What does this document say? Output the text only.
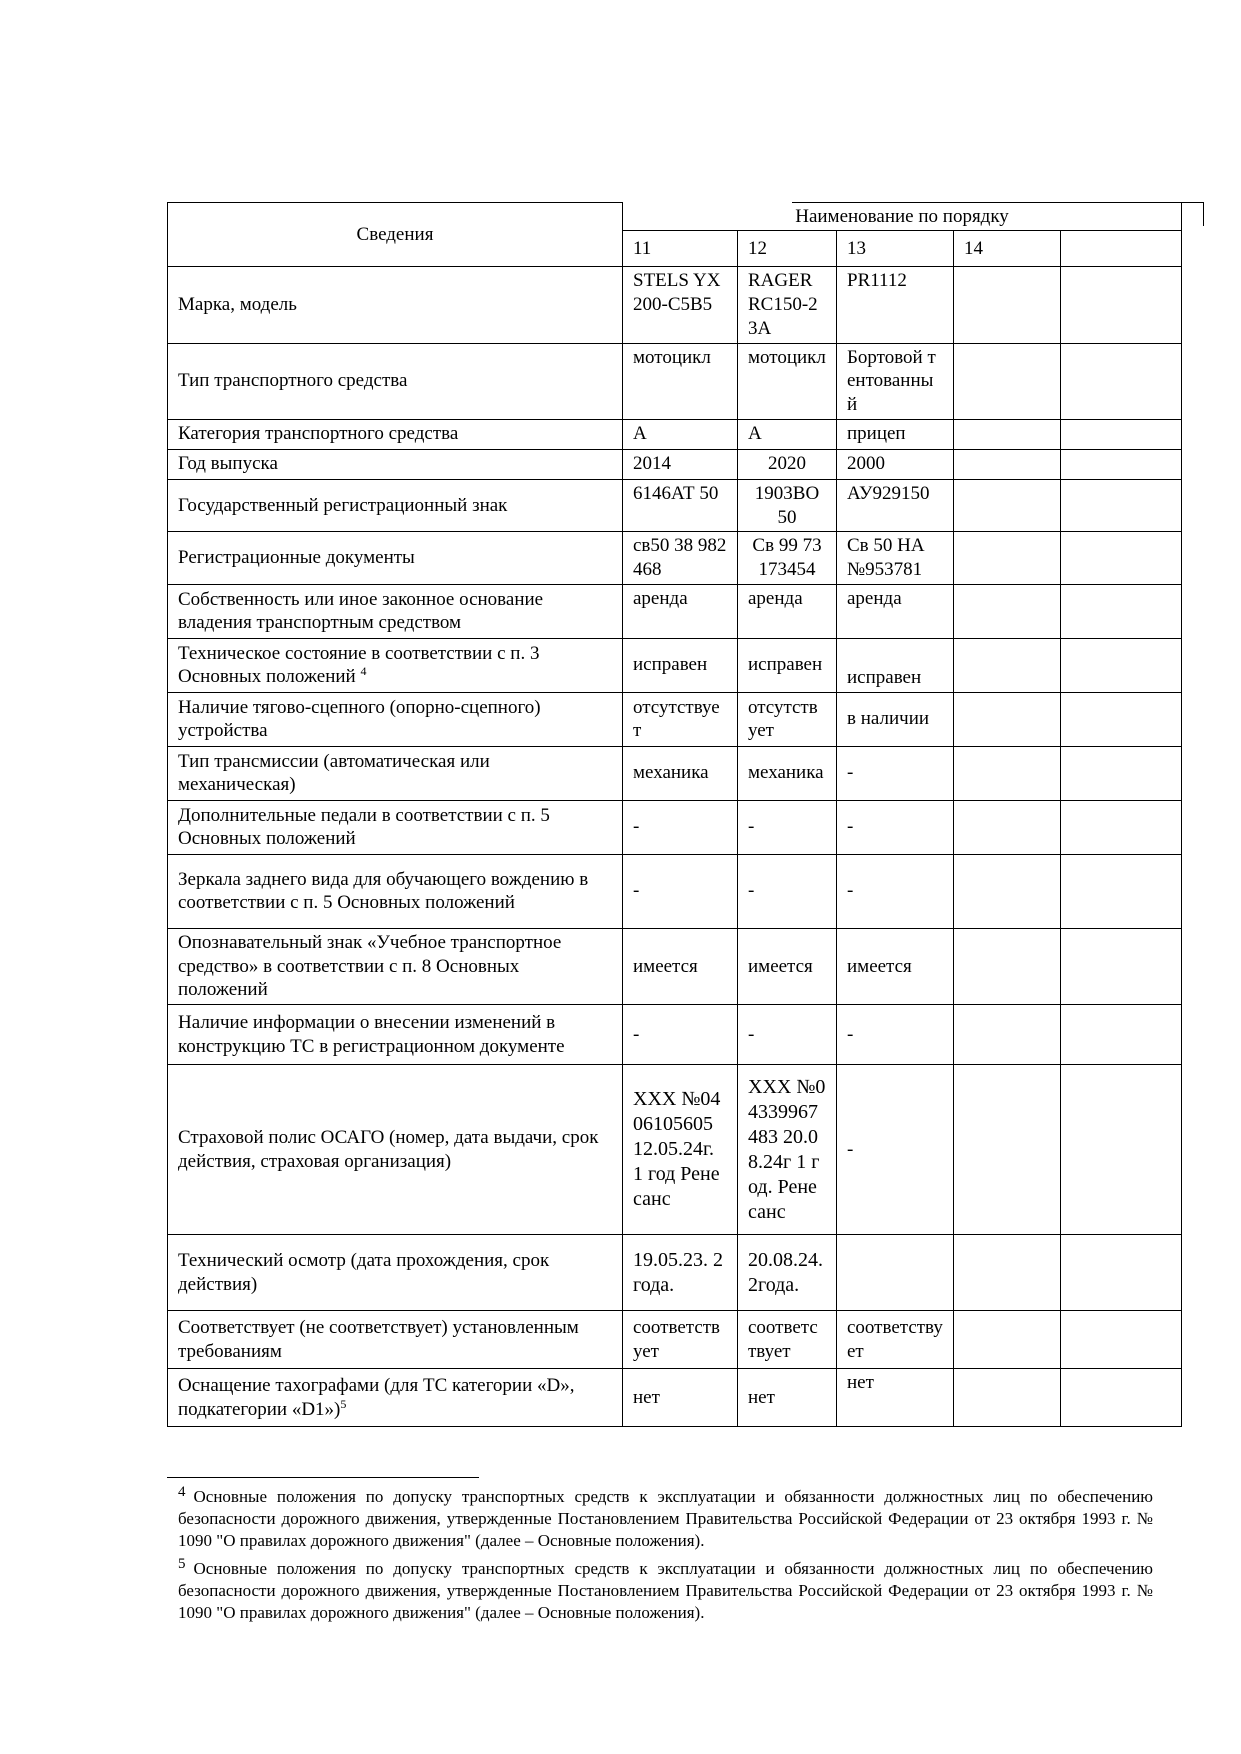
Сведения	Наименование по порядку				
	11	12	13	14	
Марка, модель	STELS YX200-C5B5	RAGER RC150-23A	PR1112		
Тип транспортного средства	мотоцикл	мотоцикл	Бортовой тентованный		
Категория транспортного средства	А	А	прицеп		
Год выпуска	2014	2020	2000		
Государственный регистрационный знак	6146АТ 50	1903ВО 50	АУ929150		
Регистрационные документы	св50 38 982468	Св 99 73 173454	Св 50 НА №953781		
Собственность или иное законное основание владения транспортным средством	аренда	аренда	аренда		
Техническое состояние в соответствии с п. 3 Основных положений $^4$	исправен	исправен	исправен		
Наличие тягово-сцепного (опорно-сцепного) устройства	отсутствует	отсутствует	в наличии		
Тип трансмиссии (автоматическая или механическая)	механика	механика	-		
Дополнительные педали в соответствии с п. 5 Основных положений	-	-	-		
Зеркала заднего вида для обучающего вождению в соответствии с п. 5 Основных положений	-	-	-		
Опознавательный знак «Учебное транспортное средство» в соответствии с п. 8 Основных положений	имеется	имеется	имеется		
Наличие информации о внесении изменений в конструкцию ТС в регистрационном документе	-	-	-		
Страховой полис ОСАГО (номер, дата выдачи, срок действия, страховая организация)	ХХХ №0406105605 12.05.24г. 1 год Ренесанс	ХХХ №04339967483 20.08.24г 1 год. Ренесанс	-		
Технический осмотр (дата прохождения, срок действия)	19.05.23. 2года.	20.08.24. 2года.			
Соответствует (не соответствует) установленным требованиям	соответствует	соответствует	соответствует		
Оснащение тахографами (для ТС категории «D», подкатегории «D1»)$^5$	нет	нет	нет		

$^4$ Основные положения по допуску транспортных средств к эксплуатации и обязанности должностных лиц по обеспечению безопасности дорожного движения, утвержденные Постановлением Правительства Российской Федерации от 23 октября 1993 г. № 1090 "О правилах дорожного движения" (далее – Основные положения).

$^5$ Основные положения по допуску транспортных средств к эксплуатации и обязанности должностных лиц по обеспечению безопасности дорожного движения, утвержденные Постановлением Правительства Российской Федерации от 23 октября 1993 г. № 1090 "О правилах дорожного движения" (далее – Основные положения).
